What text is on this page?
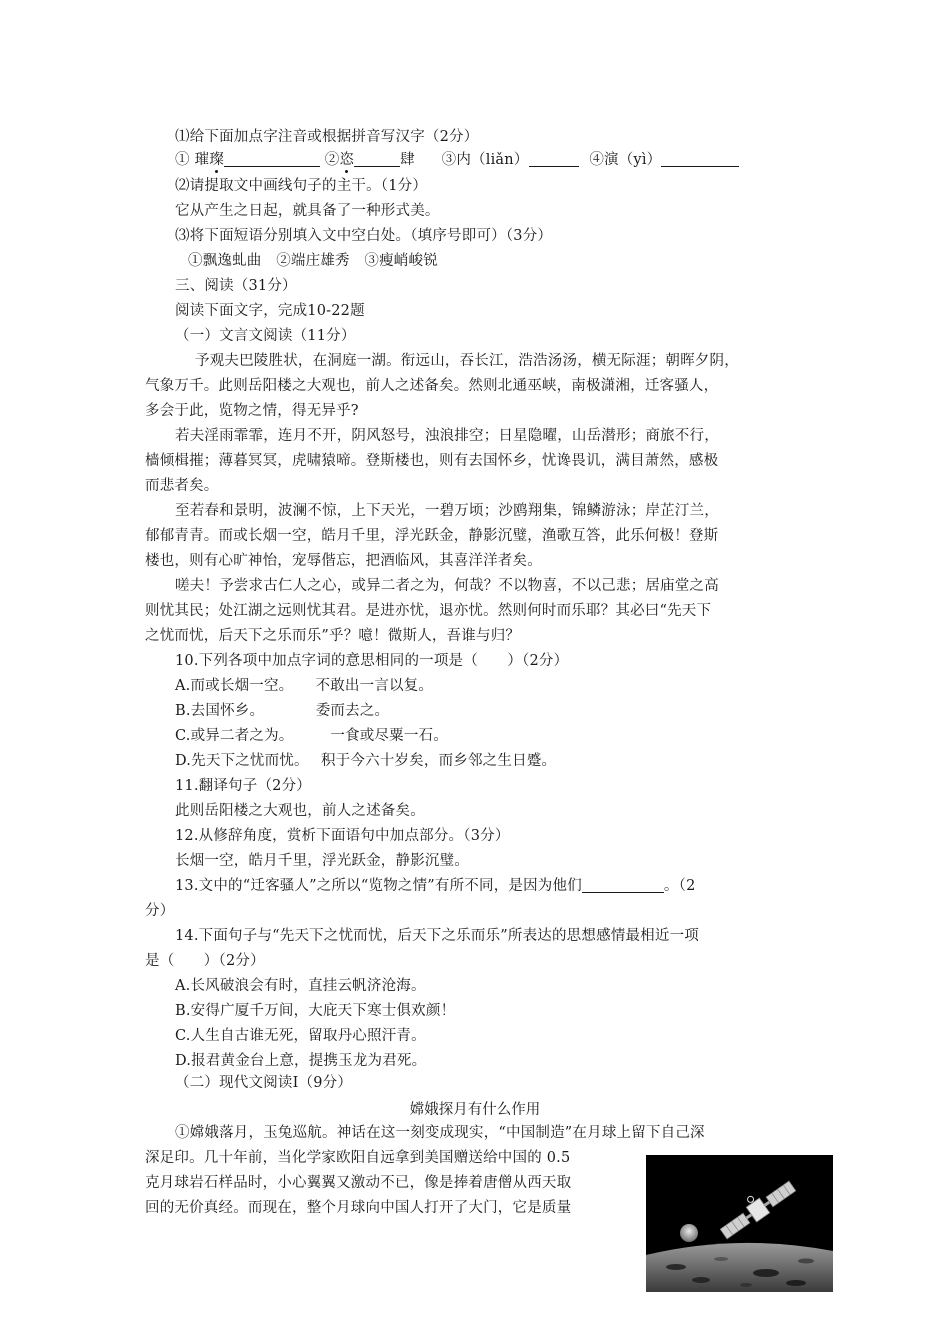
⑴给下面加点字注音或根据拼音写汉字（2分）
① 璀璨	②恣	肆 ③内（liǎn）	④演（yì）
⑵请提取文中画线句子的主干。（1分）
它从产生之日起，就具备了一种形式美。
⑶将下面短语分别填入文中空白处。（填序号即可）（3分）
①飘逸虬曲　②端庄雄秀　③瘦峭峻锐
三、阅读（31分）
阅读下面文字，完成10-22题
（一）文言文阅读（11分）
予观夫巴陵胜状，在洞庭一湖。衔远山，吞长江，浩浩汤汤，横无际涯；朝晖夕阴，
气象万千。此则岳阳楼之大观也，前人之述备矣。然则北通巫峡，南极潇湘，迁客骚人，
多会于此，览物之情，得无异乎?
若夫淫雨霏霏，连月不开，阴风怒号，浊浪排空；日星隐曜，山岳潜形；商旅不行，
樯倾楫摧；薄暮冥冥，虎啸猿啼。登斯楼也，则有去国怀乡，忧谗畏讥，满目萧然，感极
而悲者矣。
至若春和景明，波澜不惊，上下天光，一碧万顷；沙鸥翔集，锦鳞游泳；岸芷汀兰，
郁郁青青。而或长烟一空，皓月千里，浮光跃金，静影沉璧，渔歌互答，此乐何极！登斯
楼也，则有心旷神怡，宠辱偕忘，把酒临风，其喜洋洋者矣。
嗟夫！予尝求古仁人之心，或异二者之为，何哉？不以物喜，不以己悲；居庙堂之高
则忧其民；处江湖之远则忧其君。是进亦忧，退亦忧。然则何时而乐耶？其必曰“先天下
之忧而忧，后天下之乐而乐”乎？噫！微斯人，吾谁与归？
10.下列各项中加点字词的意思相同的一项是（　　）（2分）
A.而或长烟一空。　　不敢出一言以复。
B.去国怀乡。　　　　委而去之。
C.或异二者之为。　　　一食或尽粟一石。
D.先天下之忧而忧。　 积于今六十岁矣，而乡邻之生日蹙。
11.翻译句子（2分）
此则岳阳楼之大观也，前人之述备矣。
12.从修辞角度，赏析下面语句中加点部分。（3分）
长烟一空，皓月千里，浮光跃金，静影沉璧。
13.文中的“迁客骚人”之所以“览物之情”有所不同，是因为他们	。（2
分）
14.下面句子与“先天下之忧而忧，后天下之乐而乐”所表达的思想感情最相近一项
是（　　）（2分）
A.长风破浪会有时，直挂云帆济沧海。
B.安得广厦千万间，大庇天下寒士俱欢颜！
C.人生自古谁无死，留取丹心照汗青。
D.报君黄金台上意，提携玉龙为君死。
（二）现代文阅读Ⅰ（9分）
嫦娥探月有什么作用
①嫦娥落月，玉兔巡航。神话在这一刻变成现实，“中国制造”在月球上留下自己深
深足印。几十年前，当化学家欧阳自远拿到美国赠送给中国的 0.5
克月球岩石样品时，小心翼翼又激动不已，像是捧着唐僧从西天取
回的无价真经。而现在，整个月球向中国人打开了大门，它是质量
